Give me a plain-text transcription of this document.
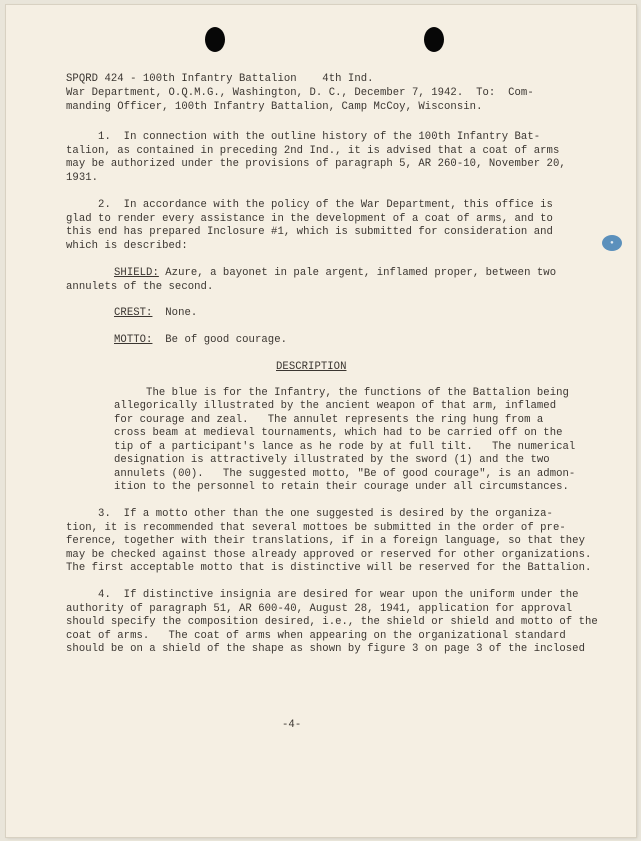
●
SPQRD 424 - 100th Infantry Battalion    4th Ind.
War Department, O.Q.M.G., Washington, D. C., December 7, 1942.  To:  Com-
manding Officer, 100th Infantry Battalion, Camp McCoy, Wisconsin.
1.  In connection with the outline history of the 100th Infantry Bat-
talion, as contained in preceding 2nd Ind., it is advised that a coat of arms
may be authorized under the provisions of paragraph 5, AR 260-10, November 20,
1931.
2.  In accordance with the policy of the War Department, this office is
glad to render every assistance in the development of a coat of arms, and to
this end has prepared Inclosure #1, which is submitted for consideration and
which is described:
SHIELD: Azure, a bayonet in pale argent, inflamed proper, between two
annulets of the second.
CREST:  None.
MOTTO:  Be of good courage.
DESCRIPTION
The blue is for the Infantry, the functions of the Battalion being
allegorically illustrated by the ancient weapon of that arm, inflamed
for courage and zeal.   The annulet represents the ring hung from a
cross beam at medieval tournaments, which had to be carried off on the
tip of a participant's lance as he rode by at full tilt.   The numerical
designation is attractively illustrated by the sword (1) and the two
annulets (00).   The suggested motto, "Be of good courage", is an admon-
ition to the personnel to retain their courage under all circumstances.
3.  If a motto other than the one suggested is desired by the organiza-
tion, it is recommended that several mottoes be submitted in the order of pre-
ference, together with their translations, if in a foreign language, so that they
may be checked against those already approved or reserved for other organizations.
The first acceptable motto that is distinctive will be reserved for the Battalion.
4.  If distinctive insignia are desired for wear upon the uniform under the
authority of paragraph 51, AR 600-40, August 28, 1941, application for approval
should specify the composition desired, i.e., the shield or shield and motto of the
coat of arms.   The coat of arms when appearing on the organizational standard
should be on a shield of the shape as shown by figure 3 on page 3 of the inclosed
-4-
